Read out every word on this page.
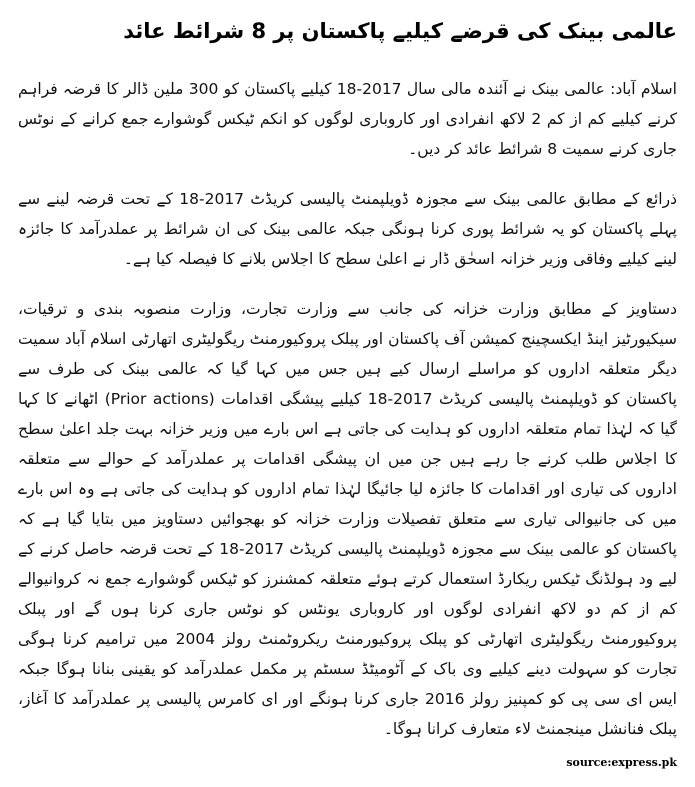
عالمی بینک کی قرضے کیلیے پاکستان پر 8 شرائط عائد

اسلام آباد: عالمی بینک نے آئندہ مالی سال 2017-18 کیلیے پاکستان کو 300 ملین ڈالر کا قرضہ فراہم کرنے کیلیے کم از کم 2 لاکھ انفرادی اور کاروباری لوگوں کو انکم ٹیکس گوشوارے جمع کرانے کے نوٹس جاری کرنے سمیت 8 شرائط عائد کر دیں۔

ذرائع کے مطابق عالمی بینک سے مجوزہ ڈویلپمنٹ پالیسی کریڈٹ 2017-18 کے تحت قرضہ لینے سے پہلے پاکستان کو یہ شرائط پوری کرنا ہونگی جبکہ عالمی بینک کی ان شرائط پر عملدرآمد کا جائزہ لینے کیلیے وفاقی وزیر خزانہ اسحٰق ڈار نے اعلیٰ سطح کا اجلاس بلانے کا فیصلہ کیا ہے۔

دستاویز کے مطابق وزارت خزانہ کی جانب سے وزارت تجارت، وزارت منصوبہ بندی و ترقیات، سیکیورٹیز اینڈ ایکسچینج کمیشن آف پاکستان اور پبلک پروکیورمنٹ ریگولیٹری اتھارٹی اسلام آباد سمیت دیگر متعلقہ اداروں کو مراسلے ارسال کیے ہیں جس میں کہا گیا کہ عالمی بینک کی طرف سے پاکستان کو ڈویلپمنٹ پالیسی کریڈٹ 2017-18 کیلیے پیشگی اقدامات (Prior actions) اٹھانے کا کہا گیا کہ لہٰذا تمام متعلقہ اداروں کو ہدایت کی جاتی ہے اس بارے میں وزیر خزانہ بہت جلد اعلیٰ سطح کا اجلاس طلب کرنے جا رہے ہیں جن میں ان پیشگی اقدامات پر عملدرآمد کے حوالے سے متعلقہ اداروں کی تیاری اور اقدامات کا جائزہ لیا جائیگا لہٰذا تمام اداروں کو ہدایت کی جاتی ہے وہ اس بارے میں کی جانیوالی تیاری سے متعلق تفصیلات وزارت خزانہ کو بھجوائیں دستاویز میں بتایا گیا ہے کہ پاکستان کو عالمی بینک سے مجوزہ ڈویلپمنٹ پالیسی کریڈٹ 2017-18 کے تحت قرضہ حاصل کرنے کے لیے ود ہولڈنگ ٹیکس ریکارڈ استعمال کرتے ہوئے متعلقہ کمشنرز کو ٹیکس گوشوارے جمع نہ کروانیوالے کم از کم دو لاکھ انفرادی لوگوں اور کاروباری یونٹس کو نوٹس جاری کرنا ہوں گے اور پبلک پروکیورمنٹ ریگولیٹری اتھارٹی کو پبلک پروکیورمنٹ ریکروٹمنٹ رولز 2004 میں ترامیم کرنا ہوگی تجارت کو سہولت دینے کیلیے وی باک کے آٹومیٹڈ سسٹم پر مکمل عملدرآمد کو یقینی بنانا ہوگا جبکہ ایس ای سی پی کو کمپنیز رولز 2016 جاری کرنا ہونگے اور ای کامرس پالیسی پر عملدرآمد کا آغاز، پبلک فنانشل مینجمنٹ لاء متعارف کرانا ہوگا۔

source:express.pk
